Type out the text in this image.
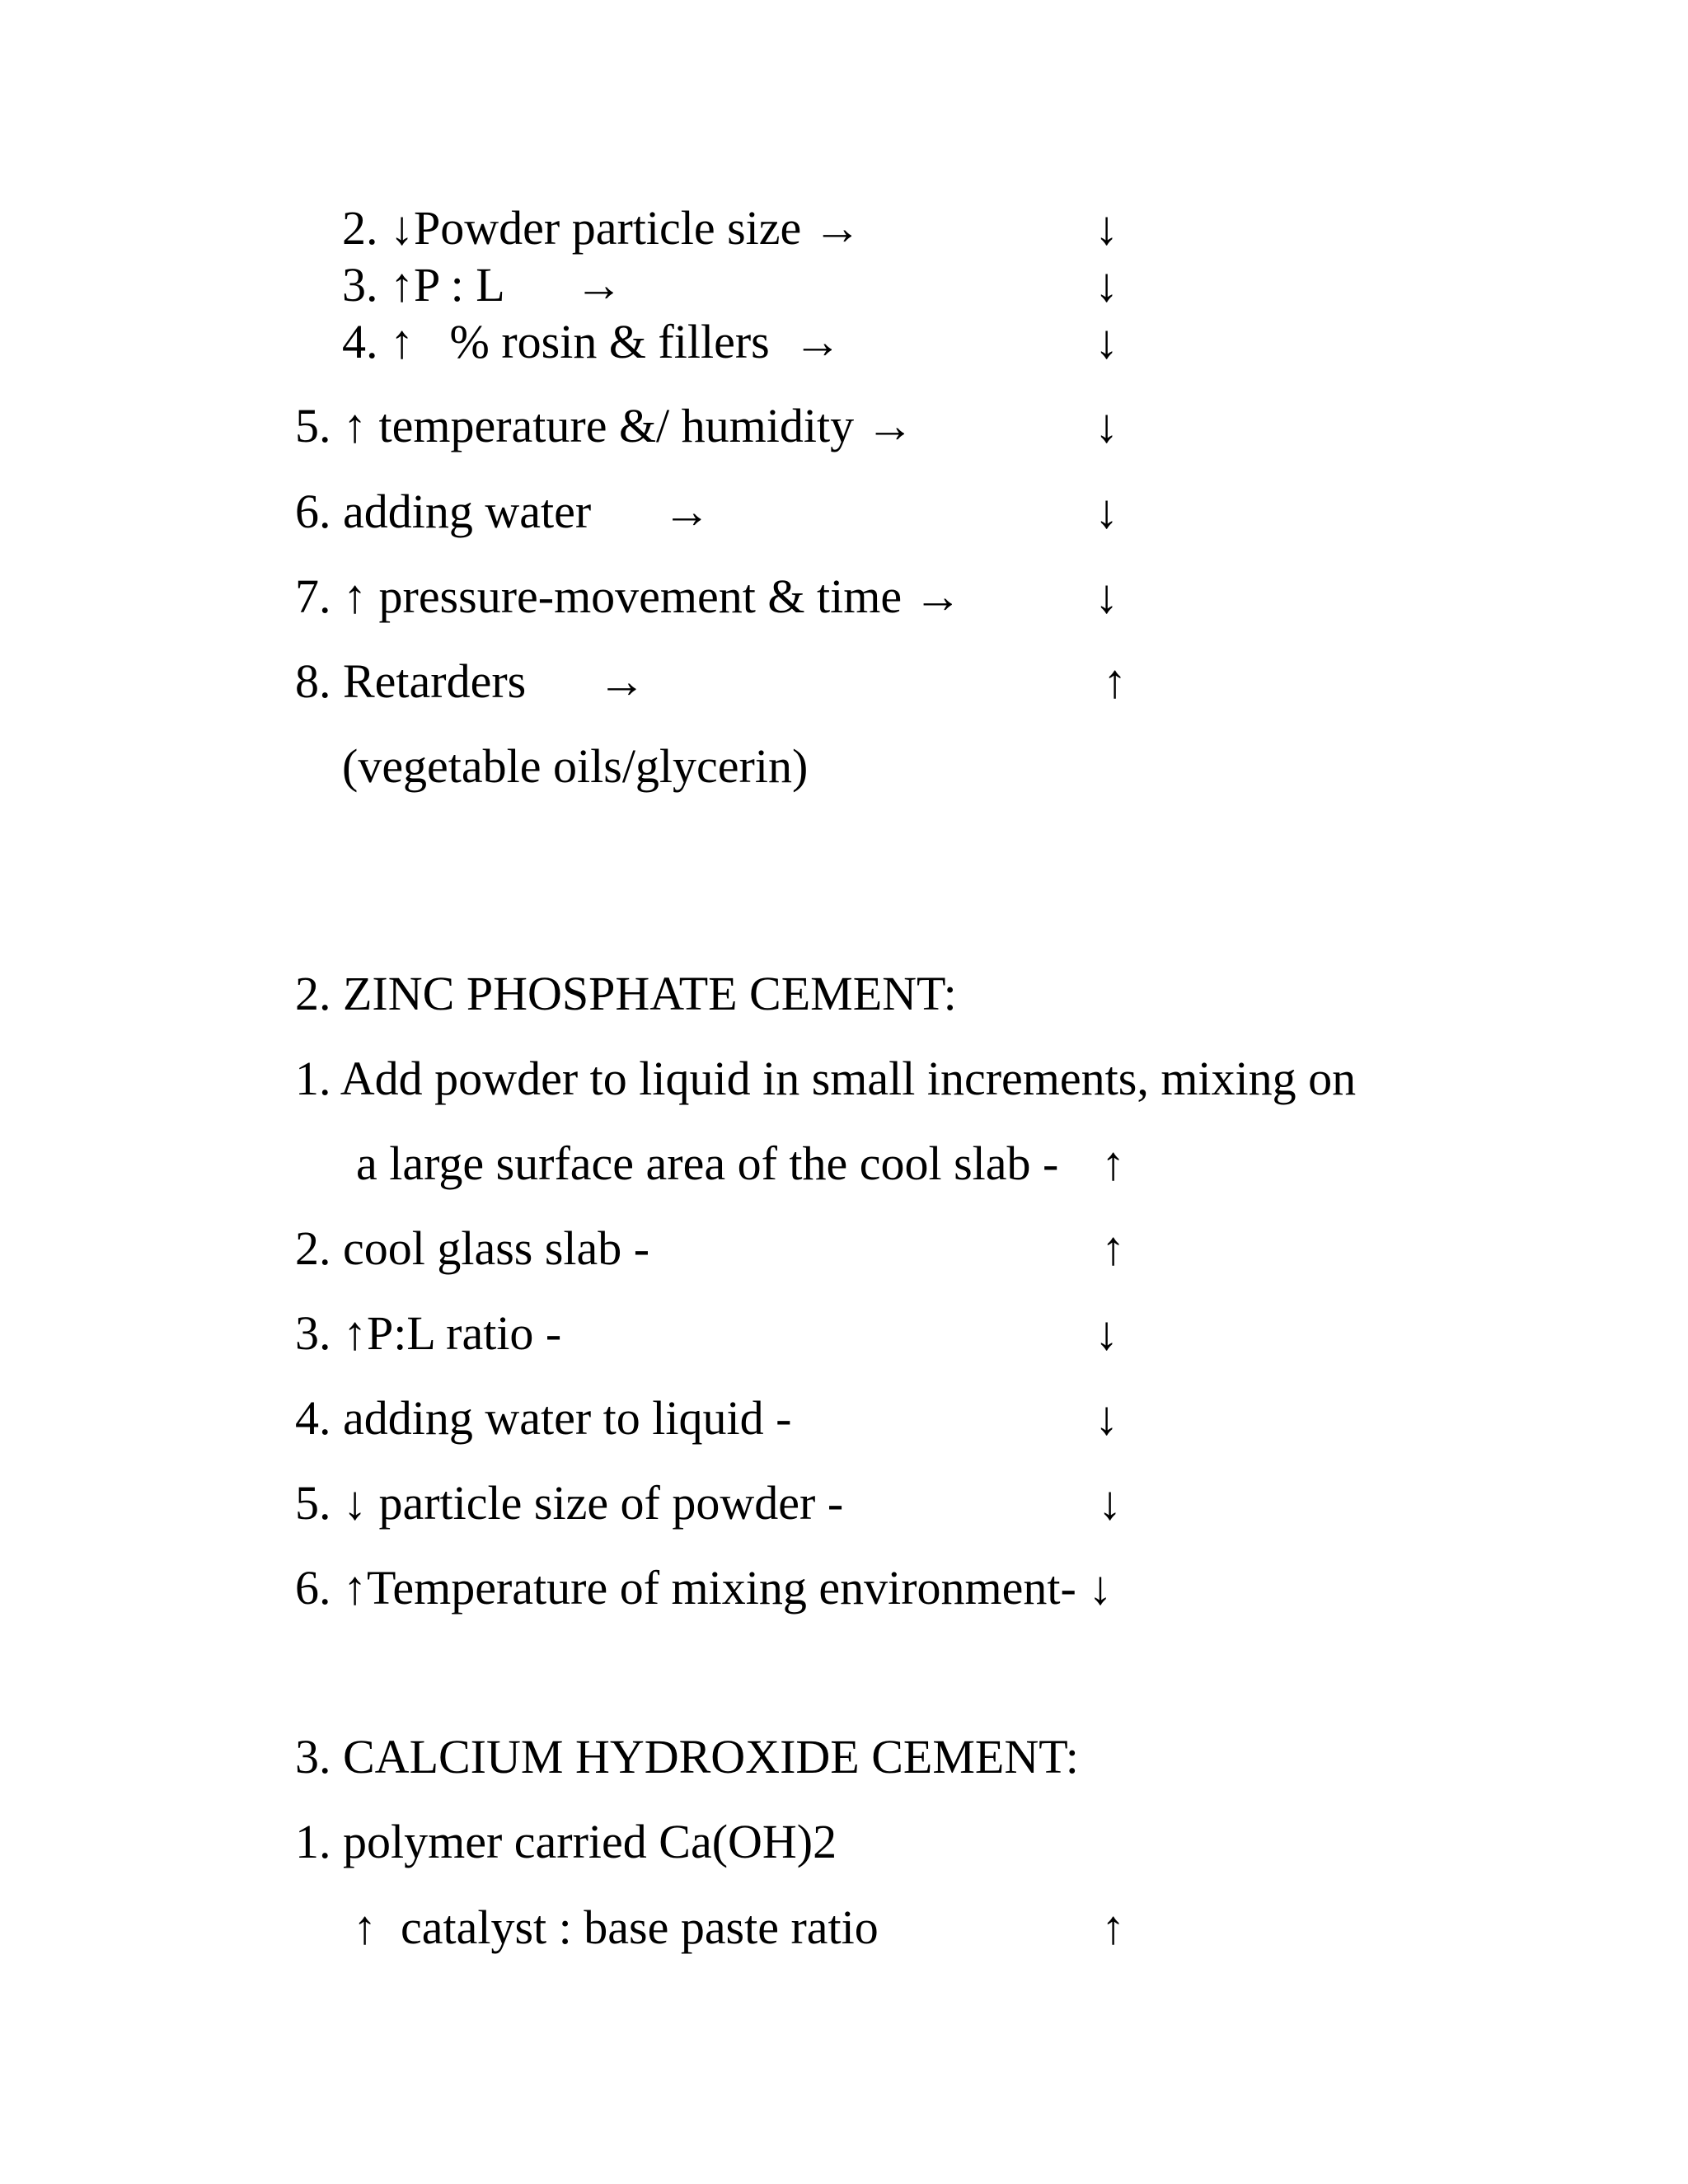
2. ↓Powder particle size →	↓
3. ↑P : L      →	↓
4. ↑   % rosin & fillers  →	↓
5. ↑ temperature &/ humidity →	↓
6. adding water      →	↓
7. ↑ pressure-movement & time →	↓
8. Retarders      →	↑
(vegetable oils/glycerin)
2. ZINC PHOSPHATE CEMENT:
1. Add powder to liquid in small increments, mixing on
a large surface area of the cool slab - ↑
2. cool glass slab -	↑
3. ↑P:L ratio -	↓
4. adding water to liquid -	↓
5. ↓ particle size of powder -	↓
6. ↑Temperature of mixing environment- ↓
3. CALCIUM HYDROXIDE CEMENT:
1. polymer carried Ca(OH)2
↑  catalyst : base paste ratio	↑
